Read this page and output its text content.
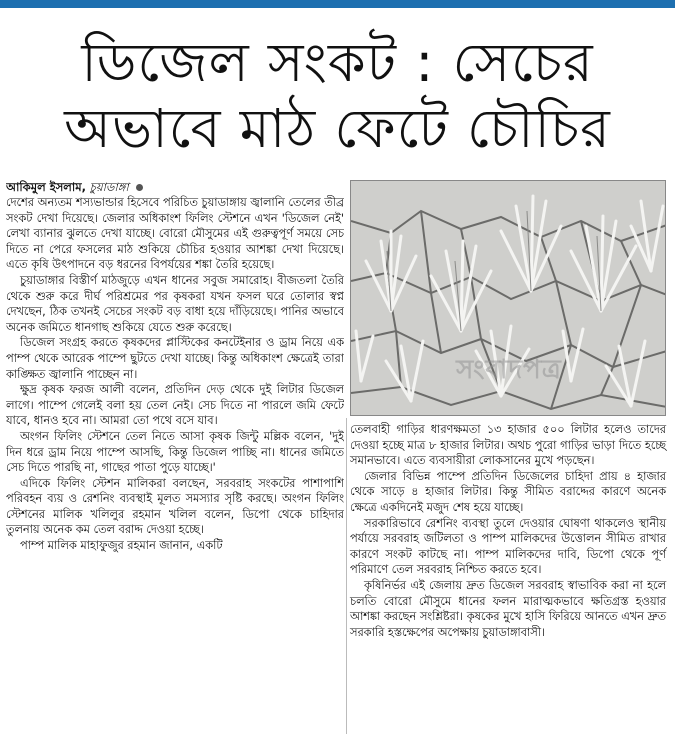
ডিজেল সংকট : সেচের
অভাবে মাঠ ফেটে চৌচির
আকিমুল ইসলাম, চুয়াডাঙ্গা

দেশের অন্যতম শস্যভান্ডার হিসেবে পরিচিত চুয়াডাঙ্গায় জ্বালানি তেলের তীব্র সংকট দেখা দিয়েছে। জেলার অধিকাংশ ফিলিং স্টেশনে এখন 'ডিজেল নেই' লেখা ব্যানার ঝুলতে দেখা যাচ্ছে। বোরো মৌসুমের এই গুরুত্বপূর্ণ সময়ে সেচ দিতে না পেরে ফসলের মাঠ শুকিয়ে চৌচির হওয়ার আশঙ্কা দেখা দিয়েছে। এতে কৃষি উৎপাদনে বড় ধরনের বিপর্যয়ের শঙ্কা তৈরি হয়েছে।

চুয়াডাঙ্গার বিস্তীর্ণ মাঠজুড়ে এখন ধানের সবুজ সমারোহ। বীজতলা তৈরি থেকে শুরু করে দীর্ঘ পরিশ্রমের পর কৃষকরা যখন ফসল ঘরে তোলার স্বপ্ন দেখছেন, ঠিক তখনই সেচের সংকট বড় বাধা হয়ে দাঁড়িয়েছে। পানির অভাবে অনেক জমিতে ধানগাছ শুকিয়ে যেতে শুরু করেছে।

ডিজেল সংগ্রহ করতে কৃষকদের প্লাস্টিকের কনটেইনার ও ড্রাম নিয়ে এক পাম্প থেকে আরেক পাম্পে ছুটতে দেখা যাচ্ছে। কিন্তু অধিকাংশ ক্ষেত্রেই তারা কাঙ্ক্ষিত জ্বালানি পাচ্ছেন না।

ক্ষুদ্র কৃষক ফরজ আলী বলেন, প্রতিদিন দেড় থেকে দুই লিটার ডিজেল লাগে। পাম্পে গেলেই বলা হয় তেল নেই। সেচ দিতে না পারলে জমি ফেটে যাবে, ধানও হবে না। আমরা তো পথে বসে যাব।

অংগন ফিলিং স্টেশনে তেল নিতে আসা কৃষক জিন্টু মল্লিক বলেন, 'দুই দিন ধরে ড্রাম নিয়ে পাম্পে আসছি, কিন্তু ডিজেল পাচ্ছি না। ধানের জমিতে সেচ দিতে পারছি না, গাছের পাতা পুড়ে যাচ্ছে।'

এদিকে ফিলিং স্টেশন মালিকরা বলছেন, সরবরাহ সংকটের পাশাপাশি পরিবহন ব্যয় ও রেশনিং ব্যবস্থাই মূলত সমস্যার সৃষ্টি করছে। অংগন ফিলিং স্টেশনের মালিক খলিলুর রহমান খলিল বলেন, ডিপো থেকে চাহিদার তুলনায় অনেক কম তেল বরাদ্দ দেওয়া হচ্ছে।

পাম্প মালিক মাহাফুজুর রহমান জানান, একটি

সংবাদপত্র

তেলবাহী গাড়ির ধারণক্ষমতা ১৩ হাজার ৫০০ লিটার হলেও তাদের দেওয়া হচ্ছে মাত্র ৮ হাজার লিটার। অথচ পুরো গাড়ির ভাড়া দিতে হচ্ছে সমানভাবে। এতে ব্যবসায়ীরা লোকসানের মুখে পড়ছেন।

জেলার বিভিন্ন পাম্পে প্রতিদিন ডিজেলের চাহিদা প্রায় ৪ হাজার থেকে সাড়ে ৪ হাজার লিটার। কিন্তু সীমিত বরাদ্দের কারণে অনেক ক্ষেত্রে একদিনেই মজুদ শেষ হয়ে যাচ্ছে।

সরকারিভাবে রেশনিং ব্যবস্থা তুলে দেওয়ার ঘোষণা থাকলেও স্থানীয় পর্যায়ে সরবরাহ জটিলতা ও পাম্প মালিকদের উত্তোলন সীমিত রাখার কারণে সংকট কাটছে না। পাম্প মালিকদের দাবি, ডিপো থেকে পূর্ণ পরিমাণে তেল সরবরাহ নিশ্চিত করতে হবে।

কৃষিনির্ভর এই জেলায় দ্রুত ডিজেল সরবরাহ স্বাভাবিক করা না হলে চলতি বোরো মৌসুমে ধানের ফলন মারাত্মকভাবে ক্ষতিগ্রস্ত হওয়ার আশঙ্কা করছেন সংশ্লিষ্টরা। কৃষকের মুখে হাসি ফিরিয়ে আনতে এখন দ্রুত সরকারি হস্তক্ষেপের অপেক্ষায় চুয়াডাঙ্গাবাসী।
